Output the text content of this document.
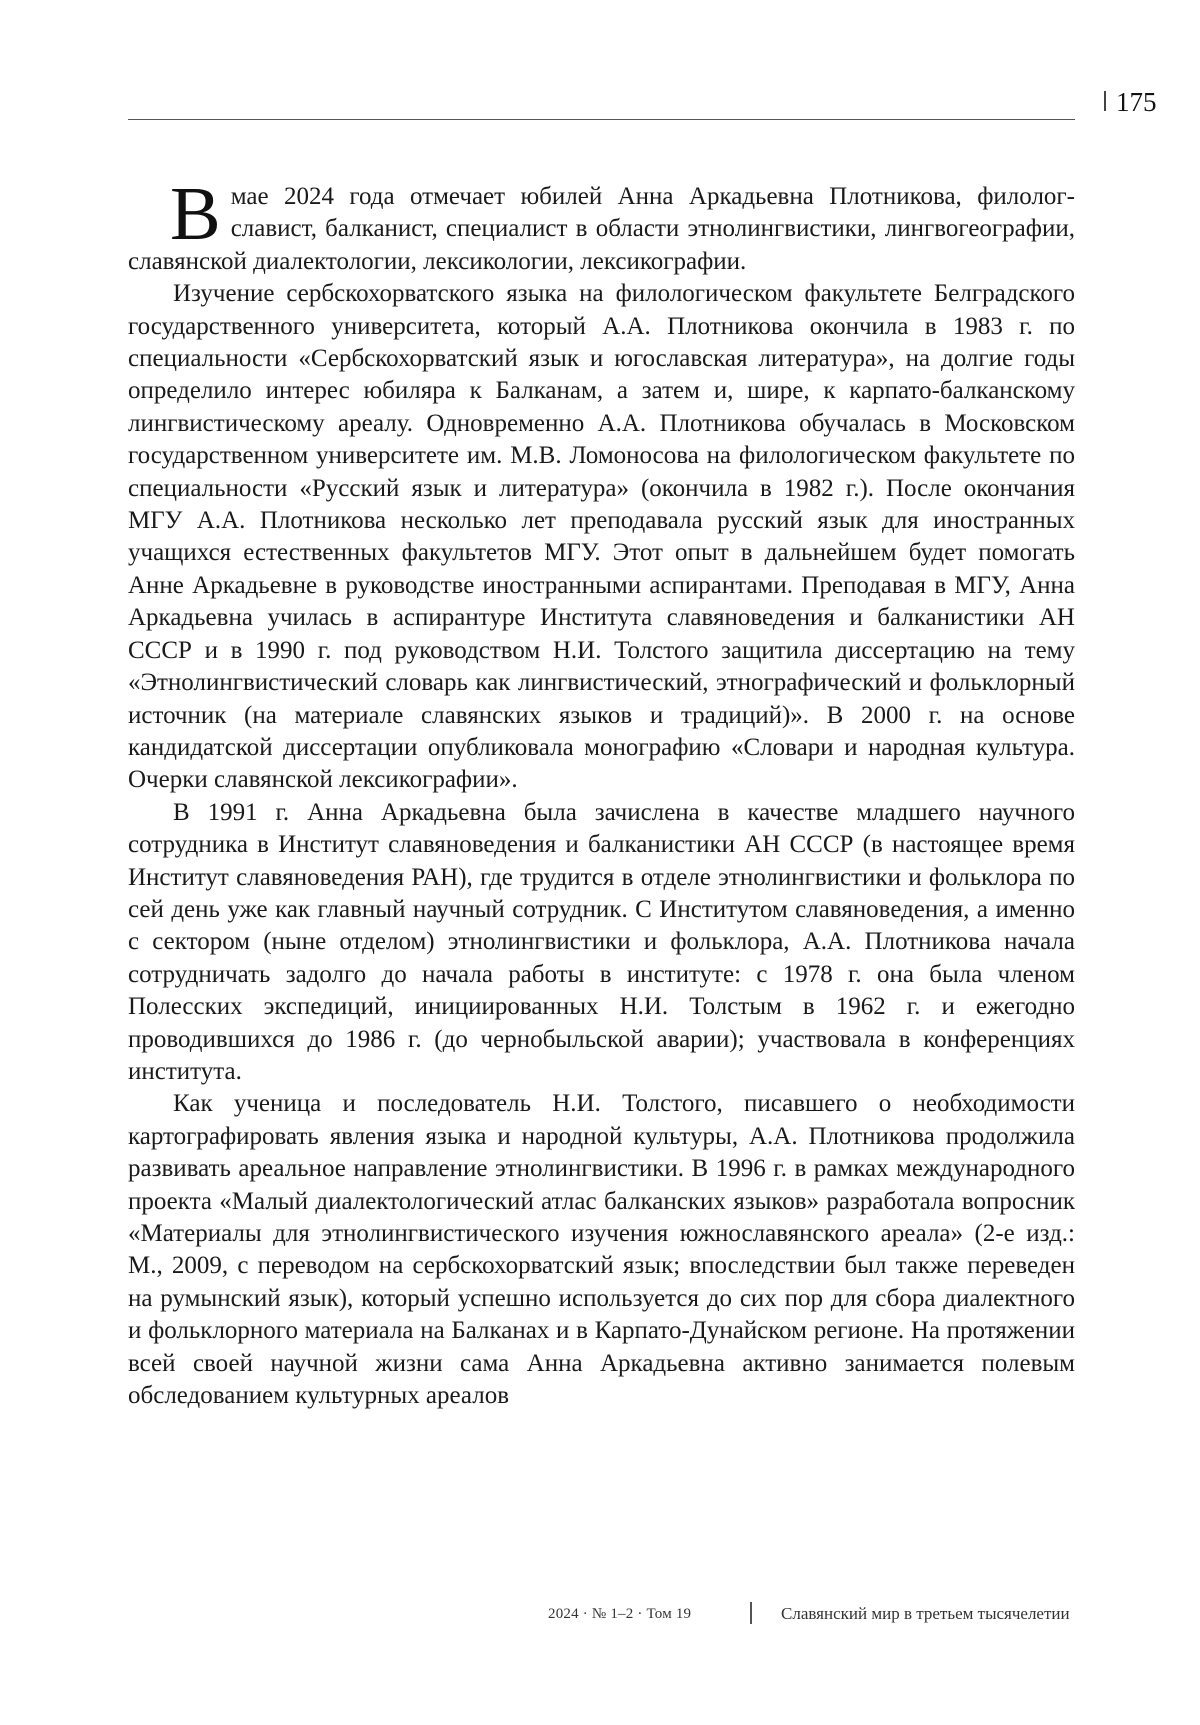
175

Вмае 2024 года отмечает юбилей Анна Аркадьевна Плотникова, филолог-славист, балканист, специалист в области этнолингвистики, лингвогеографии, славянской диалектологии, лексикологии, лексикографии.

Изучение сербскохорватского языка на филологическом факультете Белградского государственного университета, который А.А. Плотникова окончила в 1983 г. по специальности «Сербскохорватский язык и югославская литература», на долгие годы определило интерес юбиляра к Балканам, а затем и, шире, к карпато-балканскому лингвистическому ареалу. Одновременно А.А. Плотникова обучалась в Московском государственном университете им. М.В. Ломоносова на филологическом факультете по специальности «Русский язык и литература» (окончила в 1982 г.). После окончания МГУ А.А. Плотникова несколько лет преподавала русский язык для иностранных учащихся естественных факультетов МГУ. Этот опыт в дальнейшем будет помогать Анне Аркадьевне в руководстве иностранными аспирантами. Преподавая в МГУ, Анна Аркадьевна училась в аспирантуре Института славяноведения и балканистики АН СССР и в 1990 г. под руководством Н.И. Толстого защитила диссертацию на тему «Этнолингвистический словарь как лингвистический, этнографический и фольклорный источник (на материале славянских языков и традиций)». В 2000 г. на основе кандидатской диссертации опубликовала монографию «Словари и народная культура. Очерки славянской лексикографии».

В 1991 г. Анна Аркадьевна была зачислена в качестве младшего научного сотрудника в Институт славяноведения и балканистики АН СССР (в настоящее время Институт славяноведения РАН), где трудится в отделе этнолингвистики и фольклора по сей день уже как главный научный сотрудник. С Институтом славяноведения, а именно с сектором (ныне отделом) этнолингвистики и фольклора, А.А. Плотникова начала сотрудничать задолго до начала работы в институте: с 1978 г. она была членом Полесских экспедиций, инициированных Н.И. Толстым в 1962 г. и ежегодно проводившихся до 1986 г. (до чернобыльской аварии); участвовала в конференциях института.

Как ученица и последователь Н.И. Толстого, писавшего о необходимости картографировать явления языка и народной культуры, А.А. Плотникова продолжила развивать ареальное направление этнолингвистики. В 1996 г. в рамках международного проекта «Малый диалектологический атлас балканских языков» разработала вопросник «Материалы для этнолингвистического изучения южнославянского ареала» (2-е изд.: М., 2009, с переводом на сербскохорватский язык; впоследствии был также переведен на румынский язык), который успешно используется до сих пор для сбора диалектного и фольклорного материала на Балканах и в Карпато-Дунайском регионе. На протяжении всей своей научной жизни сама Анна Аркадьевна активно занимается полевым обследованием культурных ареалов

2024 · № 1–2 · Том 19	Славянский мир в третьем тысячелетии
